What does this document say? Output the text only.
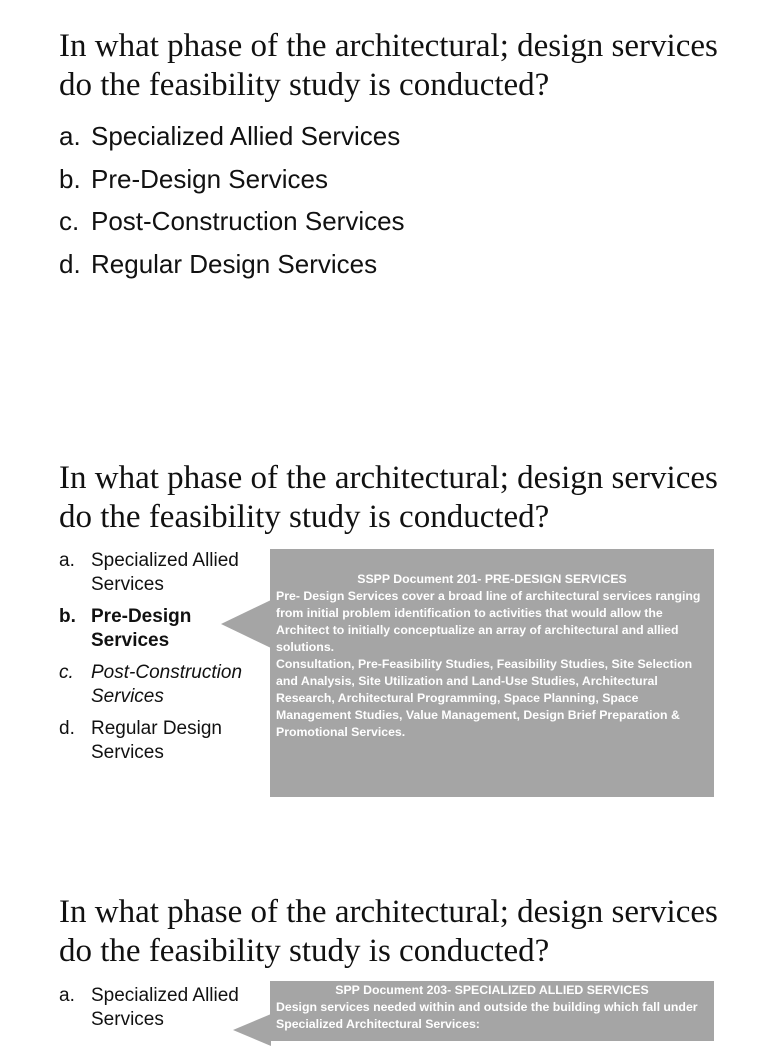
In what phase of the architectural; design services do the feasibility study is conducted?
a. Specialized Allied Services
b. Pre-Design Services
c. Post-Construction Services
d. Regular Design Services
In what phase of the architectural; design services do the feasibility study is conducted?
a. Specialized Allied Services
b. Pre-Design Services
c. Post-Construction Services
d. Regular Design Services
SSPP Document 201- PRE-DESIGN SERVICES

Pre- Design Services cover a broad line of architectural services ranging from initial problem identification to activities that would allow the Architect to initially conceptualize an array of architectural and allied solutions.

Consultation, Pre-Feasibility Studies, Feasibility Studies, Site Selection and Analysis, Site Utilization and Land-Use Studies, Architectural Research, Architectural Programming, Space Planning, Space Management Studies, Value Management, Design Brief Preparation & Promotional Services.

In what phase of the architectural; design services do the feasibility study is conducted?
a. Specialized Allied Services
SPP Document 203- SPECIALIZED ALLIED SERVICES

Design services needed within and outside the building which fall under Specialized Architectural Services:
